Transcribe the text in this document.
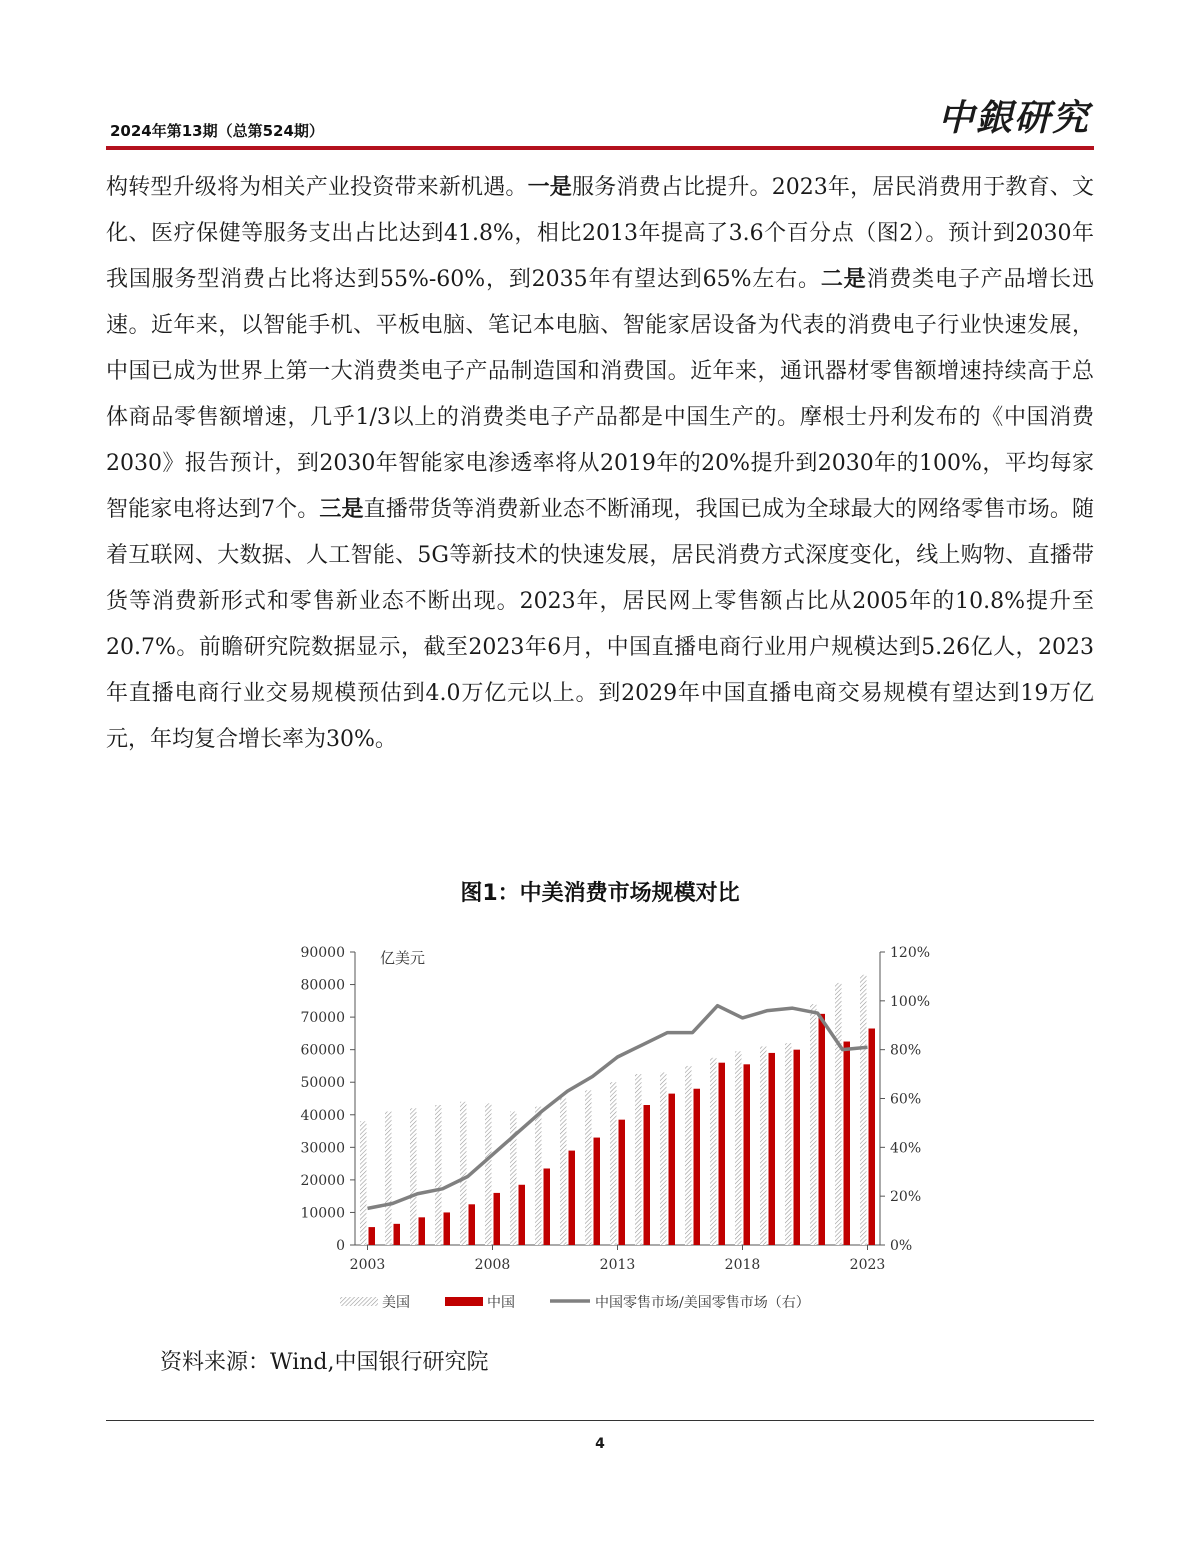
2024年第13期（总第524期）	中銀研究

构转型升级将为相关产业投资带来新机遇。一是服务消费占比提升。2023年，居民消费用于教育、文化、医疗保健等服务支出占比达到41.8%，相比2013年提高了3.6个百分点（图2）。预计到2030年我国服务型消费占比将达到55%-60%，到2035年有望达到65%左右。二是消费类电子产品增长迅速。近年来，以智能手机、平板电脑、笔记本电脑、智能家居设备为代表的消费电子行业快速发展，中国已成为世界上第一大消费类电子产品制造国和消费国。近年来，通讯器材零售额增速持续高于总体商品零售额增速，几乎1/3以上的消费类电子产品都是中国生产的。摩根士丹利发布的《中国消费2030》报告预计，到2030年智能家电渗透率将从2019年的20%提升到2030年的100%，平均每家智能家电将达到7个。三是直播带货等消费新业态不断涌现，我国已成为全球最大的网络零售市场。随着互联网、大数据、人工智能、5G等新技术的快速发展，居民消费方式深度变化，线上购物、直播带货等消费新形式和零售新业态不断出现。2023年，居民网上零售额占比从2005年的10.8%提升至20.7%。前瞻研究院数据显示，截至2023年6月，中国直播电商行业用户规模达到5.26亿人，2023年直播电商行业交易规模预估到4.0万亿元以上。到2029年中国直播电商交易规模有望达到19万亿元，年均复合增长率为30%。

图1：中美消费市场规模对比
亿美元
0
10000
20000
30000
40000
50000
60000
70000
80000
90000
0%
20%
40%
60%
80%
100%
120%
2003	2008	2013	2018	2023
美国	中国	中国零售市场/美国零售市场（右）
资料来源：Wind,中国银行研究院
4
